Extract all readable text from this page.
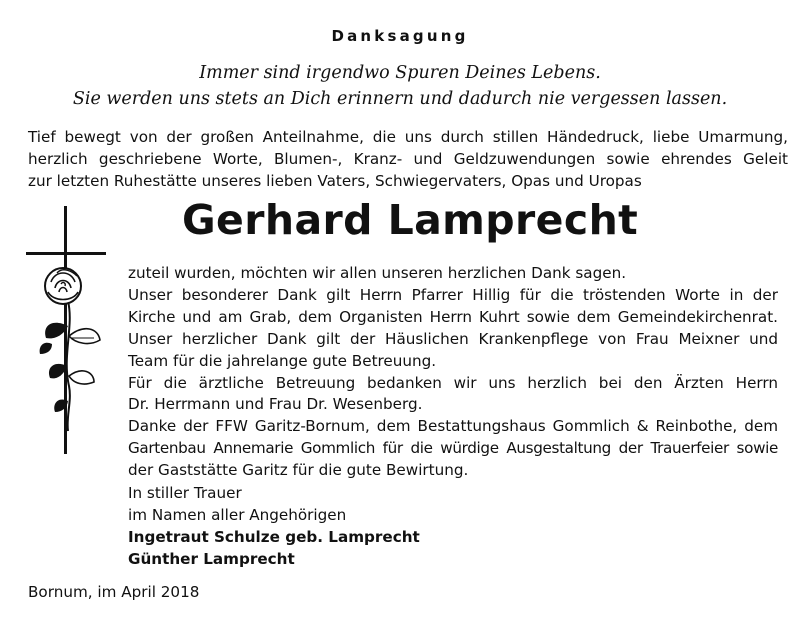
Danksagung
Immer sind irgendwo Spuren Deines Lebens.
Sie werden uns stets an Dich erinnern und dadurch nie vergessen lassen.
Tief bewegt von der großen Anteilnahme, die uns durch stillen Händedruck, liebe Umarmung,
herzlich geschriebene Worte, Blumen-, Kranz- und Geldzuwendungen sowie ehrendes Geleit
zur letzten Ruhestätte unseres lieben Vaters, Schwiegervaters, Opas und Uropas
Gerhard Lamprecht
zuteil wurden, möchten wir allen unseren herzlichen Dank sagen.
Unser besonderer Dank gilt Herrn Pfarrer Hillig für die tröstenden Worte in der
Kirche und am Grab, dem Organisten Herrn Kuhrt sowie dem Gemeindekirchenrat.
Unser herzlicher Dank gilt der Häuslichen Krankenpflege von Frau Meixner und
Team für die jahrelange gute Betreuung.
Für die ärztliche Betreuung bedanken wir uns herzlich bei den Ärzten Herrn
Dr. Herrmann und Frau Dr. Wesenberg.
Danke der FFW Garitz-Bornum, dem Bestattungshaus Gommlich & Reinbothe, dem
Gartenbau Annemarie Gommlich für die würdige Ausgestaltung der Trauerfeier sowie
der Gaststätte Garitz für die gute Bewirtung.
In stiller Trauer
im Namen aller Angehörigen
Ingetraut Schulze geb. Lamprecht
Günther Lamprecht
Bornum, im April 2018
